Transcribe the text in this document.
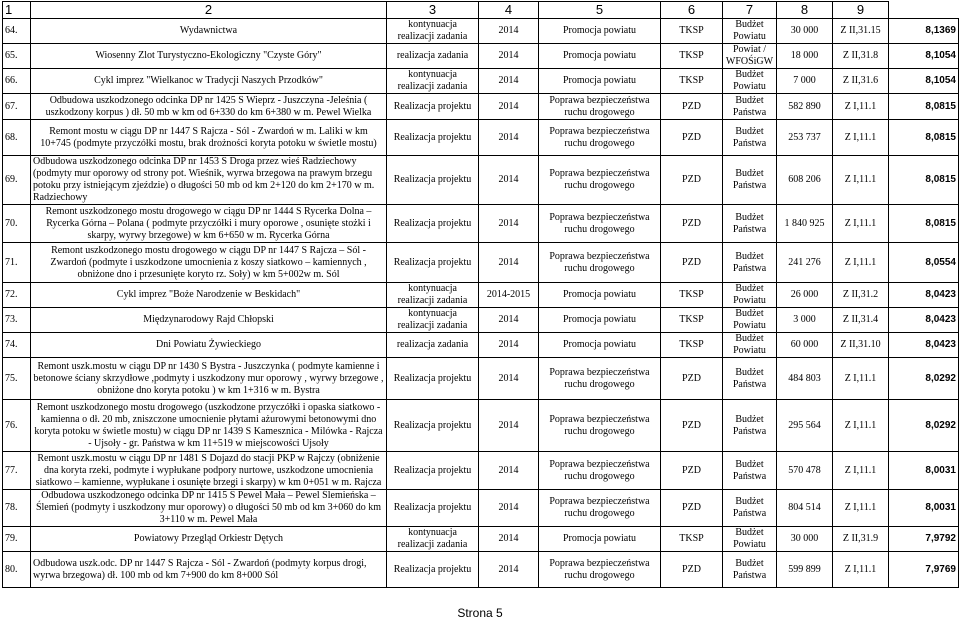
1	2	3	4	5	6	7	8	9	
64.	Wydawnictwa	kontynuacja realizacji zadania	2014	Promocja powiatu	TKSP	Budżet Powiatu	30 000	Z II,31.15	8,1369
65.	Wiosenny Zlot Turystyczno-Ekologiczny "Czyste Góry"	realizacja zadania	2014	Promocja powiatu	TKSP	Powiat / WFOŚiGW	18 000	Z II,31.8	8,1054
66.	Cykl imprez "Wielkanoc w Tradycji Naszych Przodków"	kontynuacja realizacji zadania	2014	Promocja powiatu	TKSP	Budżet Powiatu	7 000	Z II,31.6	8,1054
67.	Odbudowa uszkodzonego odcinka DP nr 1425 S Wieprz - Juszczyna -Jeleśnia ( uszkodzony korpus ) dł. 50 mb w km od 6+330 do km 6+380 w m. Pewel Wielka	Realizacja projektu	2014	Poprawa bezpieczeństwa ruchu drogowego	PZD	Budżet Państwa	582 890	Z I,11.1	8,0815
68.	Remont mostu w ciągu DP nr 1447 S Rajcza - Sól - Zwardoń w m. Laliki w km 10+745 (podmyte przyczółki mostu, brak drożności koryta potoku w świetle mostu)	Realizacja projektu	2014	Poprawa bezpieczeństwa ruchu drogowego	PZD	Budżet Państwa	253 737	Z I,11.1	8,0815
69.	Odbudowa uszkodzonego odcinka DP nr 1453 S Droga przez wieś Radziechowy (podmyty mur oporowy od strony pot. Wieśnik, wyrwa brzegowa na prawym brzegu potoku przy istniejącym zjeździe) o długości 50 mb od km 2+120 do km 2+170 w m. Radziechowy	Realizacja projektu	2014	Poprawa bezpieczeństwa ruchu drogowego	PZD	Budżet Państwa	608 206	Z I,11.1	8,0815
70.	Remont uszkodzonego mostu drogowego w ciągu DP nr 1444 S Rycerka Dolna – Rycerka Górna – Polana ( podmyte przyczółki i mury oporowe , osunięte stożki i skarpy, wyrwy brzegowe) w km 6+650 w m. Rycerka Górna	Realizacja projektu	2014	Poprawa bezpieczeństwa ruchu drogowego	PZD	Budżet Państwa	1 840 925	Z I,11.1	8,0815
71.	Remont uszkodzonego mostu drogowego w ciągu DP nr 1447 S Rajcza – Sól - Zwardoń (podmyte i uszkodzone umocnienia z koszy siatkowo – kamiennych , obniżone dno i przesunięte koryto rz. Soły) w km 5+002w m. Sól	Realizacja projektu	2014	Poprawa bezpieczeństwa ruchu drogowego	PZD	Budżet Państwa	241 276	Z I,11.1	8,0554
72.	Cykl imprez "Boże Narodzenie w Beskidach"	kontynuacja realizacji zadania	2014-2015	Promocja powiatu	TKSP	Budżet Powiatu	26 000	Z II,31.2	8,0423
73.	Międzynarodowy Rajd Chłopski	kontynuacja realizacji zadania	2014	Promocja powiatu	TKSP	Budżet Powiatu	3 000	Z II,31.4	8,0423
74.	Dni Powiatu Żywieckiego	realizacja zadania	2014	Promocja powiatu	TKSP	Budżet Powiatu	60 000	Z II,31.10	8,0423
75.	Remont uszk.mostu w ciągu DP nr 1430 S Bystra - Juszczynka ( podmyte kamienne i betonowe ściany skrzydłowe ,podmyty i uszkodzony mur oporowy , wyrwy brzegowe , obniżone dno koryta potoku ) w km 1+316 w m. Bystra	Realizacja projektu	2014	Poprawa bezpieczeństwa ruchu drogowego	PZD	Budżet Państwa	484 803	Z I,11.1	8,0292
76.	Remont uszkodzonego mostu drogowego (uszkodzone przyczółki i opaska siatkowo - kamienna o dł. 20 mb, zniszczone umocnienie płytami ażurowymi betonowymi dno koryta potoku w świetle mostu) w ciągu DP nr 1439 S Kamesznica - Milówka - Rajcza - Ujsoły - gr. Państwa w km 11+519 w miejscowości Ujsoły	Realizacja projektu	2014	Poprawa bezpieczeństwa ruchu drogowego	PZD	Budżet Państwa	295 564	Z I,11.1	8,0292
77.	Remont uszk.mostu w ciągu DP nr 1481 S Dojazd do stacji PKP w Rajczy (obniżenie dna koryta rzeki, podmyte i wypłukane podpory nurtowe, uszkodzone umocnienia siatkowo – kamienne, wypłukane i osunięte brzegi i skarpy) w km 0+051 w m. Rajcza	Realizacja projektu	2014	Poprawa bezpieczeństwa ruchu drogowego	PZD	Budżet Państwa	570 478	Z I,11.1	8,0031
78.	Odbudowa uszkodzonego odcinka DP nr 1415 S Pewel Mała – Pewel Ślemieńska – Ślemień (podmyty i uszkodzony mur oporowy) o długości 50 mb od km 3+060 do km 3+110 w m. Pewel Mała	Realizacja projektu	2014	Poprawa bezpieczeństwa ruchu drogowego	PZD	Budżet Państwa	804 514	Z I,11.1	8,0031
79.	Powiatowy Przegląd Orkiestr Dętych	kontynuacja realizacji zadania	2014	Promocja powiatu	TKSP	Budżet Powiatu	30 000	Z II,31.9	7,9792
80.	Odbudowa uszk.odc. DP nr 1447 S Rajcza - Sól - Zwardoń (podmyty korpus drogi, wyrwa brzegowa) dł. 100 mb od km 7+900 do km 8+000 Sól	Realizacja projektu	2014	Poprawa bezpieczeństwa ruchu drogowego	PZD	Budżet Państwa	599 899	Z I,11.1	7,9769
Strona 5
